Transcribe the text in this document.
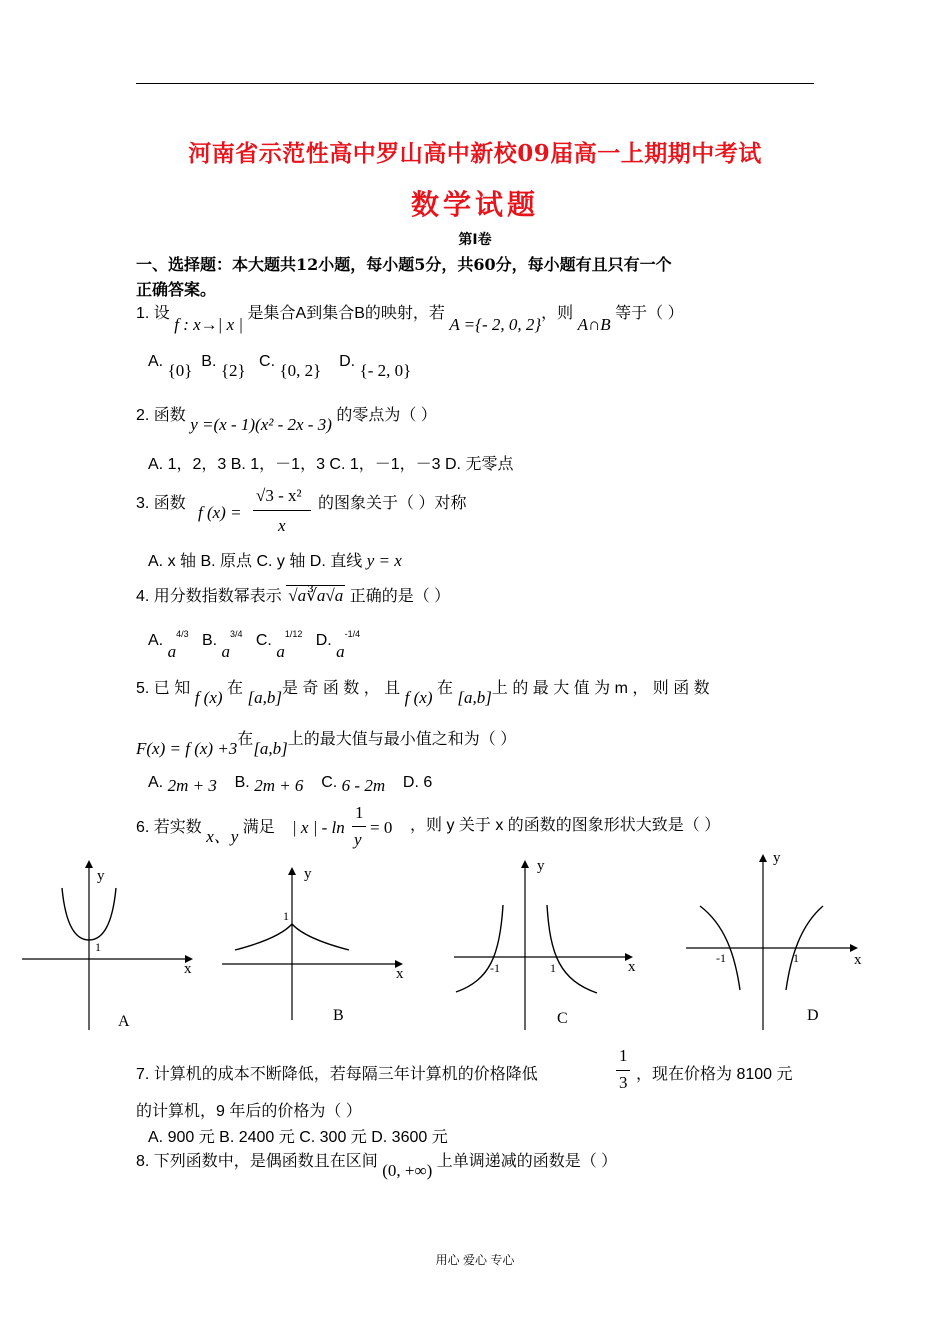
河南省示范性高中罗山高中新校09届高一上期期中考试
数学试题
第Ⅰ卷
一、选择题：本大题共12小题，每小题5分，共60分，每小题有且只有一个
正确答案。
1. 设 f : x→| x | 是集合A到集合B的映射，若 A ={- 2, 0, 2}，则 A∩B 等于（ ）
A. {0} B. {2} C. {0, 2} D. {- 2, 0}
2. 函数 y =(x - 1)(x² - 2x - 3) 的零点为（ ）
A. 1，2，3 B. 1，－1，3 C. 1，－1，－3 D. 无零点
3. 函数 f (x) =
√3 - x²
x
的图象关于（ ）对称
A. x 轴 B. 原点 C. y 轴 D. 直线 y = x
4. 用分数指数幂表示 √a∛a√a 正确的是（ ）
A. $a^{4/3}$ B. $a^{3/4}$ C. $a^{1/12}$ D. $a^{-1/4}$
5. 已 知 f (x) 在 [a,b]是 奇 函 数 ， 且 f (x) 在 [a,b]上 的 最 大 值 为 m ， 则 函 数
F(x) = f (x) +3在[a,b]上的最大值与最小值之和为（ ）
A. 2m + 3 B. 2m + 6 C. 6 - 2m D. 6
6. 若实数 x、y 满足 | x | - ln
1
y
= 0 ，则 y 关于 x 的函数的图象形状大致是（ ）
y
x
1
A
y
x
1
B
y
x
-1	1
C
y
x
-1	1
D
7. 计算机的成本不断降低，若每隔三年计算机的价格降低
1
3 ，现在价格为 8100 元
的计算机，9 年后的价格为（ ）
A. 900 元 B. 2400 元 C. 300 元 D. 3600 元
8. 下列函数中，是偶函数且在区间 (0, +∞) 上单调递减的函数是（ ）
用心 爱心 专心
